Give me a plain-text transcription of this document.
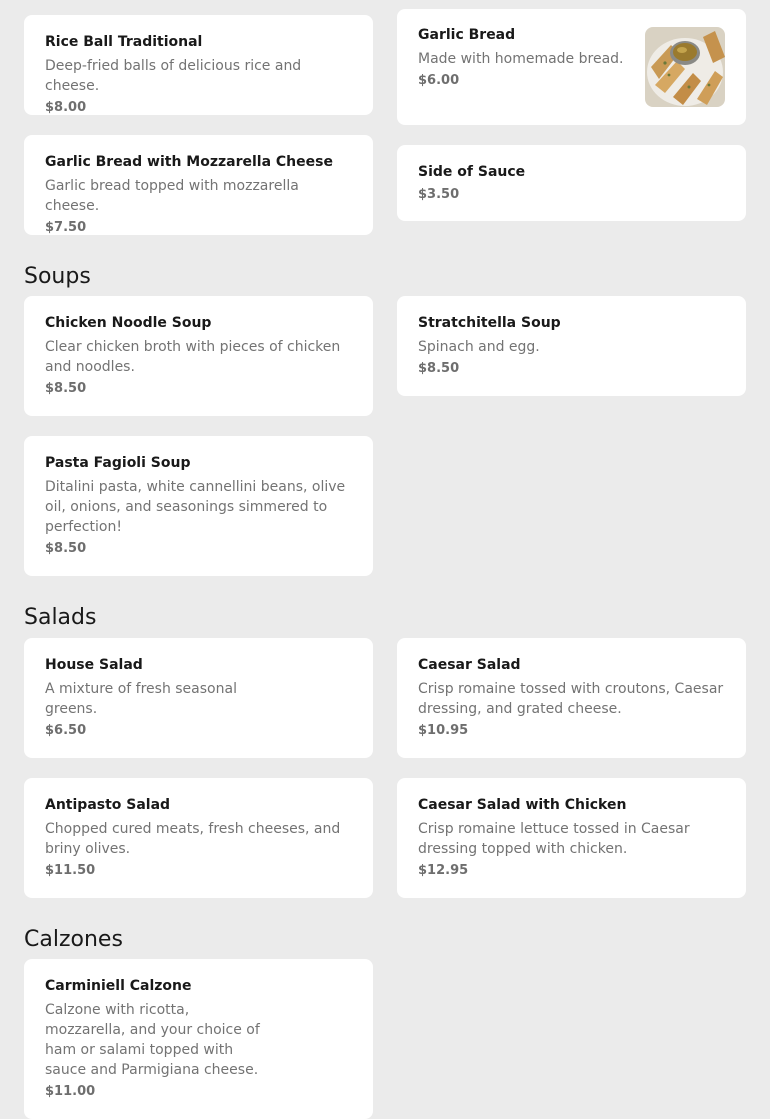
Rice Ball Traditional

Deep-fried balls of delicious rice and cheese.

$8.00

Garlic Bread

Made with homemade bread.

$6.00

Garlic Bread with Mozzarella Cheese

Garlic bread topped with mozzarella cheese.

$7.50

Side of Sauce

$3.50

Soups

Chicken Noodle Soup

Clear chicken broth with pieces of chicken and noodles.

$8.50

Stratchitella Soup

Spinach and egg.

$8.50

Pasta Fagioli Soup

Ditalini pasta, white cannellini beans, olive oil, onions, and seasonings simmered to perfection!

$8.50

Salads

House Salad

A mixture of fresh seasonal greens.

$6.50

Caesar Salad

Crisp romaine tossed with croutons, Caesar dressing, and grated cheese.

$10.95

Antipasto Salad

Chopped cured meats, fresh cheeses, and briny olives.

$11.50

Caesar Salad with Chicken

Crisp romaine lettuce tossed in Caesar dressing topped with chicken.

$12.95

Calzones

Carminiell Calzone

Calzone with ricotta, mozzarella, and your choice of ham or salami topped with sauce and Parmigiana cheese.

$11.00
